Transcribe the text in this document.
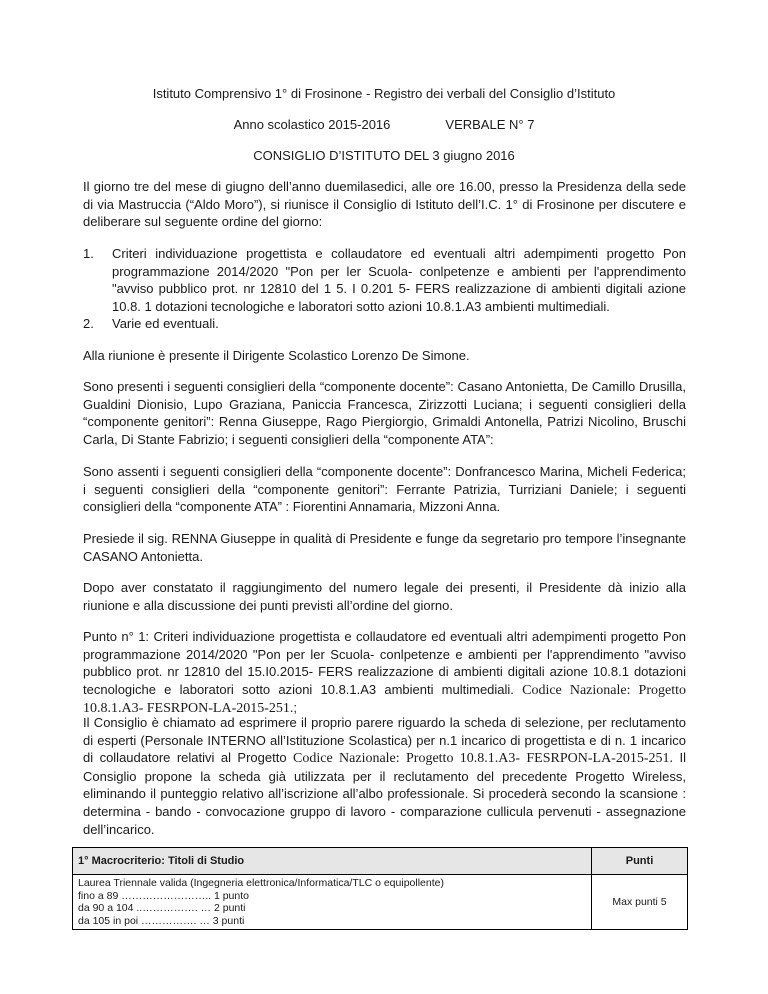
Istituto Comprensivo 1° di Frosinone - Registro dei verbali del Consiglio d’Istituto

Anno scolastico 2015-2016	VERBALE N° 7

CONSIGLIO D’ISTITUTO DEL 3 giugno 2016

Il giorno tre del mese di giugno dell’anno duemilasedici, alle ore 16.00, presso la Presidenza della sede di via Mastruccia (“Aldo Moro”), si riunisce il Consiglio di Istituto dell’I.C. 1° di Frosinone per discutere e deliberare sul seguente ordine del giorno:

1. Criteri individuazione progettista e collaudatore ed eventuali altri adempimenti progetto Pon programmazione 2014/2020 "Pon per ler Scuola- conlpetenze e ambienti per l'apprendimento "avviso pubblico prot. nr 12810 del 1 5. I 0.201 5- FERS realizzazione di ambienti digitali azione 10.8. 1 dotazioni tecnologiche e laboratori sotto azioni 10.8.1.A3 ambienti multimediali.
2. Varie ed eventuali.

Alla riunione è presente il Dirigente Scolastico Lorenzo De Simone.

Sono presenti i seguenti consiglieri della “componente docente”: Casano Antonietta, De Camillo Drusilla, Gualdini Dionisio, Lupo Graziana, Paniccia Francesca, Zirizzotti Luciana; i seguenti consiglieri della “componente genitori”: Renna Giuseppe, Rago Piergiorgio, Grimaldi Antonella, Patrizi Nicolino, Bruschi Carla, Di Stante Fabrizio; i seguenti consiglieri della “componente ATA”:

Sono assenti i seguenti consiglieri della “componente docente”: Donfrancesco Marina, Micheli Federica; i seguenti consiglieri della “componente genitori”: Ferrante Patrizia, Turriziani Daniele; i seguenti consiglieri della “componente ATA” : Fiorentini Annamaria, Mizzoni Anna.

Presiede il sig. RENNA Giuseppe in qualità di Presidente e funge da segretario pro tempore l’insegnante CASANO Antonietta.

Dopo aver constatato il raggiungimento del numero legale dei presenti, il Presidente dà inizio alla riunione e alla discussione dei punti previsti all’ordine del giorno.

Punto n° 1: Criteri individuazione progettista e collaudatore ed eventuali altri adempimenti progetto Pon programmazione 2014/2020 "Pon per ler Scuola- conlpetenze e ambienti per l'apprendimento "avviso pubblico prot. nr 12810 del 15.I0.2015- FERS realizzazione di ambienti digitali azione 10.8.1 dotazioni tecnologiche e laboratori sotto azioni 10.8.1.A3 ambienti multimediali. Codice Nazionale: Progetto 10.8.1.A3- FESRPON-LA-2015-251.;

Il Consiglio è chiamato ad esprimere il proprio parere riguardo la scheda di selezione, per reclutamento di esperti (Personale INTERNO all’Istituzione Scolastica) per n.1 incarico di progettista e di n. 1 incarico di collaudatore relativi al Progetto Codice Nazionale: Progetto 10.8.1.A3- FESRPON-LA-2015-251. Il Consiglio propone la scheda già utilizzata per il reclutamento del precedente Progetto Wireless, eliminando il punteggio relativo all’iscrizione all’albo professionale. Si procederà secondo la scansione : determina - bando - convocazione gruppo di lavoro - comparazione cullicula pervenuti - assegnazione dell’incarico.

1° Macrocriterio: Titoli di Studio	Punti

Laurea Triennale valida (Ingegneria elettronica/Informatica/TLC o equipollente)
fino a 89 …………………….. 1 punto
da 90 a 104 ..……………. … 2 punti
da 105 in poi ……………. … 3 punti	Max punti 5
